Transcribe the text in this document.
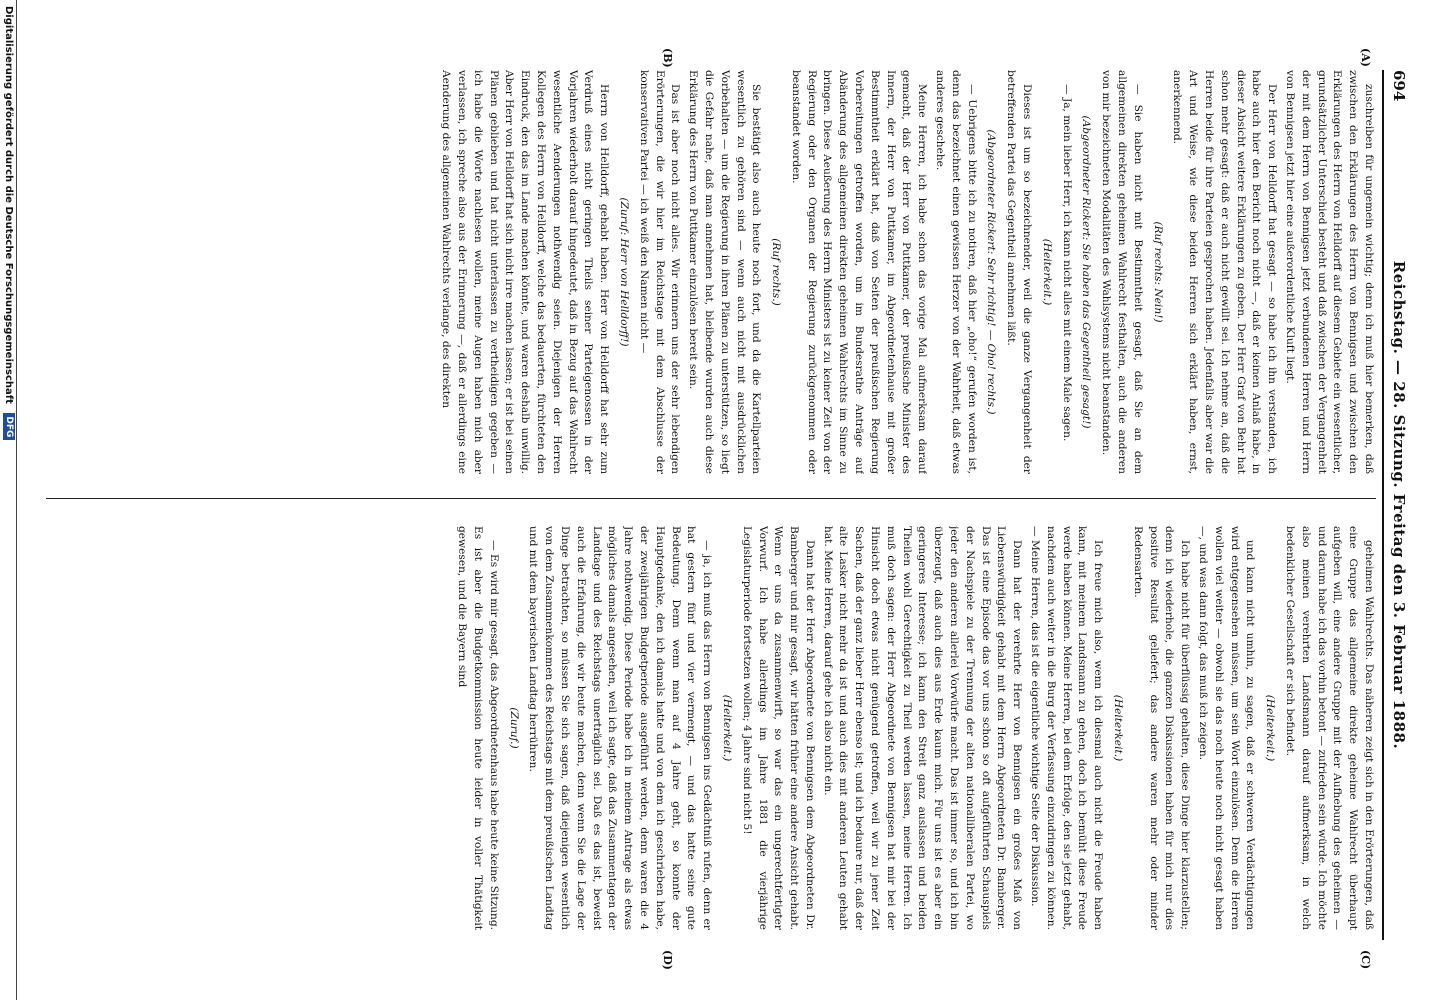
694
Reichstag. — 28. Sitzung. Freitag den 3. Februar 1888.
(A)
(B)
(C)
(D)

zuschreiben für ungemein wichtig; denn ich muß hier bemerken, daß zwischen den Erklärungen des Herrn von Bennigsen und zwischen den Erklärungen des Herrn von Helldorff auf diesem Gebiete ein wesentlicher, grundsätzlicher Unterschied besteht und daß zwischen der Vergangenheit der mit dem Herrn von Bennigsen jetzt verbundenen Herren und Herrn von Bennigsen jetzt hier eine außerordentliche Kluft liegt.

Der Herr von Helldorff hat gesagt — so habe ich ihn verstanden, ich habe auch hier den Bericht noch nicht —, daß er keinen Anlaß habe, in dieser Absicht weitere Erklärungen zu geben. Der Herr Graf von Behr hat schon mehr gesagt: daß er auch nicht gewillt sei. Ich nehme an, daß die Herren beide für ihre Parteien gesprochen haben. Jedenfalls aber war die Art und Weise, wie diese beiden Herren sich erklärt haben, ernst, anerkennend.

(Ruf rechts: Nein!)

— Sie haben nicht mit Bestimmtheit gesagt, daß Sie an dem allgemeinen direkten geheimen Wahlrecht festhalten, auch die anderen von mir bezeichneten Modalitäten des Wahlsystems nicht beanstanden.

(Abgeordneter Rickert: Sie haben das Gegentheil gesagt!)

— Ja, mein lieber Herr, ich kann nicht alles mit einem Male sagen.

(Heiterkeit.)

Dieses ist um so bezeichnender, weil die ganze Vergangenheit der betreffenden Partei das Gegentheil annehmen läßt.

(Abgeordneter Rickert: Sehr richtig! — Oho! rechts.)

— Uebrigens bitte ich zu notiren, daß hier „oho!“ gerufen worden ist, denn das bezeichnet einen gewissen Herzer von der Wahrheit, daß etwas anderes geschehe.

Meine Herren, ich habe schon das vorige Mal aufmerksam darauf gemacht, daß der Herr von Puttkamer, der preußische Minister des Innern, der Herr von Puttkamer, im Abgeordnetenhause mit großer Bestimmtheit erklärt hat, daß von Seiten der preußischen Regierung Vorbereitungen getroffen worden, um im Bundesrathe Anträge auf Abänderung des allgemeinen direkten geheimen Wahlrechts im Sinne zu bringen. Diese Aeußerung des Herrn Ministers ist zu keiner Zeit von der Regierung oder den Organen der Regierung zurückgenommen oder beanstandet worden.

(Ruf rechts.)

Sie bestätigt also auch heute noch fort, und da die Kartellparteien wesentlich zu gehören sind — wenn auch nicht mit ausdrücklichen Vorbehalten — um die Regierung in ihren Plänen zu unterstützen, so liegt die Gefahr nahe, daß man annehmen hat, bleibende wurden auch diese Erklärung des Herrn von Puttkamer einzulösen bereit sein.

Das ist aber noch nicht alles. Wir erinnern uns der sehr lebendigen Erörterungen, die wir hier im Reichstage mit dem Abschlusse der konservativen Partei — ich weiß den Namen nicht —

(Zuruf: Herr von Helldorff!)

Herrn von Helldorff, gehabt haben. Herr von Helldorff hat sehr zum Verdruß eines nicht geringen Theils seiner Parteigenossen in der Vorjahren wiederholt darauf hingedeutet, daß in Bezug auf das Wahlrecht wesentliche Aenderungen nothwendig seien. Diejenigen der Herren Kollegen des Herrn von Helldorff, welche das bedauerten, fürchteten den Eindruck, den das im Lande machen könnte, und waren deshalb unwillig. Aber Herr von Helldorff hat sich nicht irre machen lassen; er ist bei seinen Plänen geblieben und hat nicht unterlassen zu vertheidigen gegeben — ich habe die Worte nachlesen wollen, meine Augen haben mich aber verlassen, ich spreche also aus der Erinnerung —, daß er allerdings eine Aenderung des allgemeinen Wahlrechts verlange, des direkten

geheimen Wahlrechts. Das näheren zeigt sich in den Erörterungen, daß eine Gruppe das allgemeine direkte geheime Wahlrecht überhaupt aufgeben will, eine andere Gruppe mit der Aufhebung des geheimen — und darum habe ich das vorhin betont — zufrieden sein würde. Ich möchte also meinen verehrten Landsmann darauf aufmerksam, in welch bedenklicher Gesellschaft er sich befindet.

(Heiterkeit.)

und kann nicht umhin, zu sagen, daß er schweren Verdächtigungen wird entgegensehen müssen, um sein Wort einzulösen. Denn die Herren wollen viel weiter — obwohl sie das noch heute noch nicht gesagt haben —, und was dann folgt, das muß ich zeigen.

Ich habe nicht für überflüssig gehalten, diese Dinge hier klarzustellen; denn ich wiederhole, die ganzen Diskussionen haben für mich nur dies positive Resultat geliefert; das andere waren mehr oder minder Redensarten.

(Heiterkeit.)

Ich freue mich also, wenn ich diesmal auch nicht die Freude haben kann, mit meinem Landsmann zu gehen, doch ich bemüht diese Freude werde haben können. Meine Herren, bei dem Erfolge, den sie jetzt gehabt, nachdem auch weiter in die Burg der Verfassung einzudringen zu können. — Meine Herren, das ist die eigentliche wichtige Seite der Diskussion.

Dann hat der verehrte Herr von Bennigsen ein großes Maß von Liebenswürdigkeit gehabt mit dem Herrn Abgeordneten Dr. Bamberger. Das ist eine Episode das vor uns schon so oft aufgeführten Schauspiels der Nachspiele zu der Trennung der alten nationalliberalen Partei, wo jeder den anderen allerlei Vorwürfe macht. Das ist immer so, und ich bin überzeugt, daß auch dies aus Erde kaum mich. Für uns ist es aber ein geringeres Interesse; ich kann den Streit ganz auslassen und beiden Theilen wohl Gerechtigkeit zu Theil werden lassen, meine Herren. Ich muß doch sagen: der Herr Abgeordnete von Bennigsen hat mir bei der Hinsicht doch etwas nicht genügend getroffen, weil wir zu jener Zeit Sachen, daß der ganz lieber Herr ebenso ist; und ich bedaure nur, daß der alte Lasker nicht mehr da ist und auch dies mit anderen Leuten gehabt hat. Meine Herren, darauf gehe ich also nicht ein.

Dann hat der Herr Abgeordnete von Bennigsen dem Abgeordneten Dr. Bamberger und mir gesagt, wir hätten früher eine andere Ansicht gehabt. Wenn er uns da zusammenwirft, so war das ein ungerechtfertigter Vorwurf. Ich habe allerdings im Jahre 1881 die vierjährige Legislaturperiode fortsetzen wollen; 4 Jahre sind nicht 5!

(Heiterkeit.)

— ja, ich muß das Herrn von Bennigsen ins Gedächtniß rufen, denn er hat gestern fünf und vier vermengt, — und das hatte seine gute Bedeutung. Denn wenn man auf 4 Jahre geht, so konnte der Hauptgedanke, den ich damals hatte und von dem ich geschrieben habe, der zweijährigen Budgetperiode ausgeführt werden, denn waren die 4 Jahre nothwendig. Diese Periode habe ich in meinem Antrage als etwas mögliches damals angesehen, weil ich sagte, daß das Zusammentagen der Landtage und des Reichstags unerträglich sei. Daß es das ist, beweist auch die Erfahrung, die wir heute machen, denn wenn Sie die Lage der Dinge betrachten, so müssen Sie sich sagen, daß diejenigen wesentlich von dem Zusammenkommen des Reichstags mit dem preußischen Landtag und mit dem bayerischen Landtag herrühren.

(Zuruf.)

— Es wird mir gesagt, das Abgeordnetenhaus habe heute keine Sitzung. Es ist aber die Budgetkommission heute leider in voller Thätigkeit gewesen, und die Bayern sind

Digitalisierung gefördert durch die Deutsche Forschungsgemeinschaft DFG
